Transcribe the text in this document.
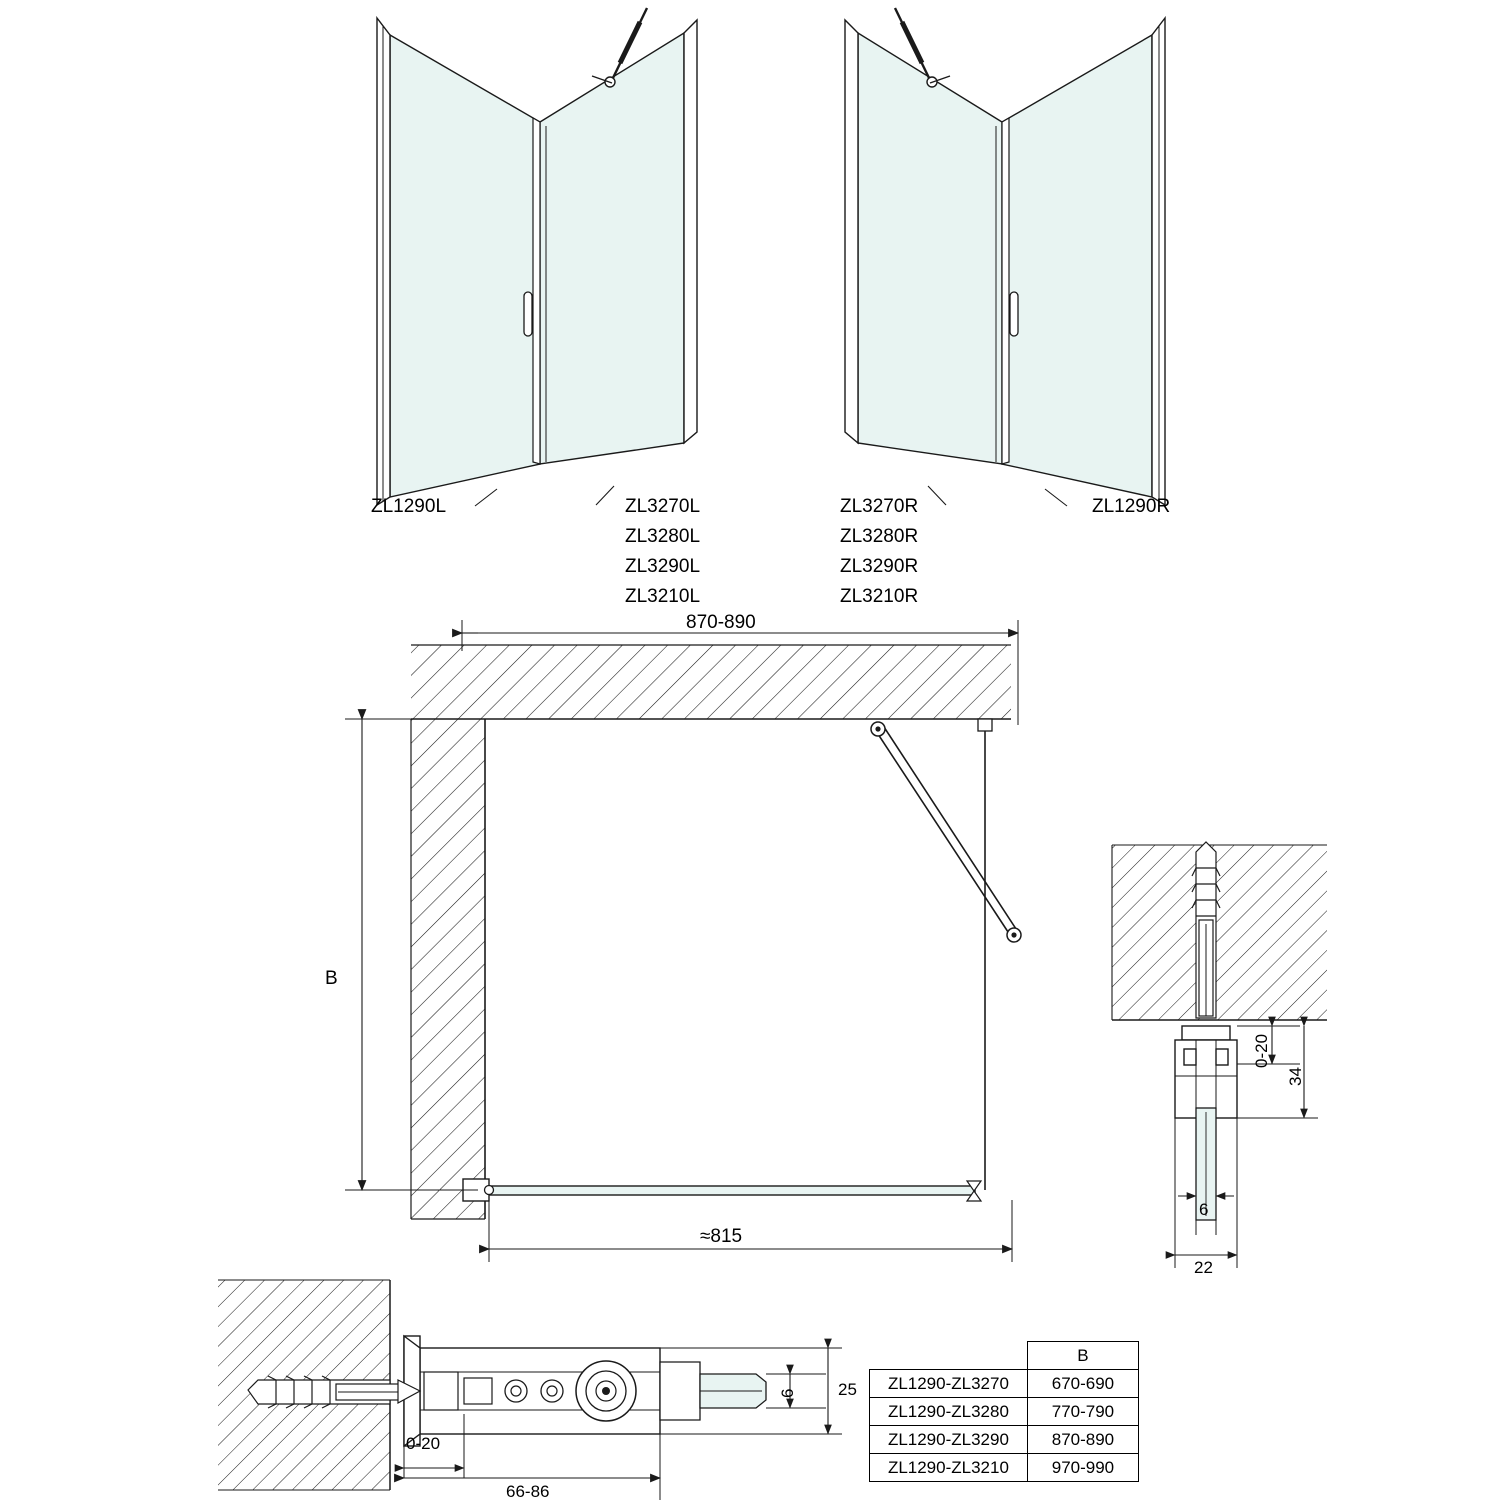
ZL1290L	ZL3270L
ZL3280L
ZL3290L
ZL3210L
ZL3270R
ZL3280R
ZL3290R
ZL3210R
ZL1290R
870-890
≈815
B
0-20
34
6
22
0-20
66-86
6 25
	B
ZL1290-ZL3270	670-690
ZL1290-ZL3280	770-790
ZL1290-ZL3290	870-890
ZL1290-ZL3210	970-990
